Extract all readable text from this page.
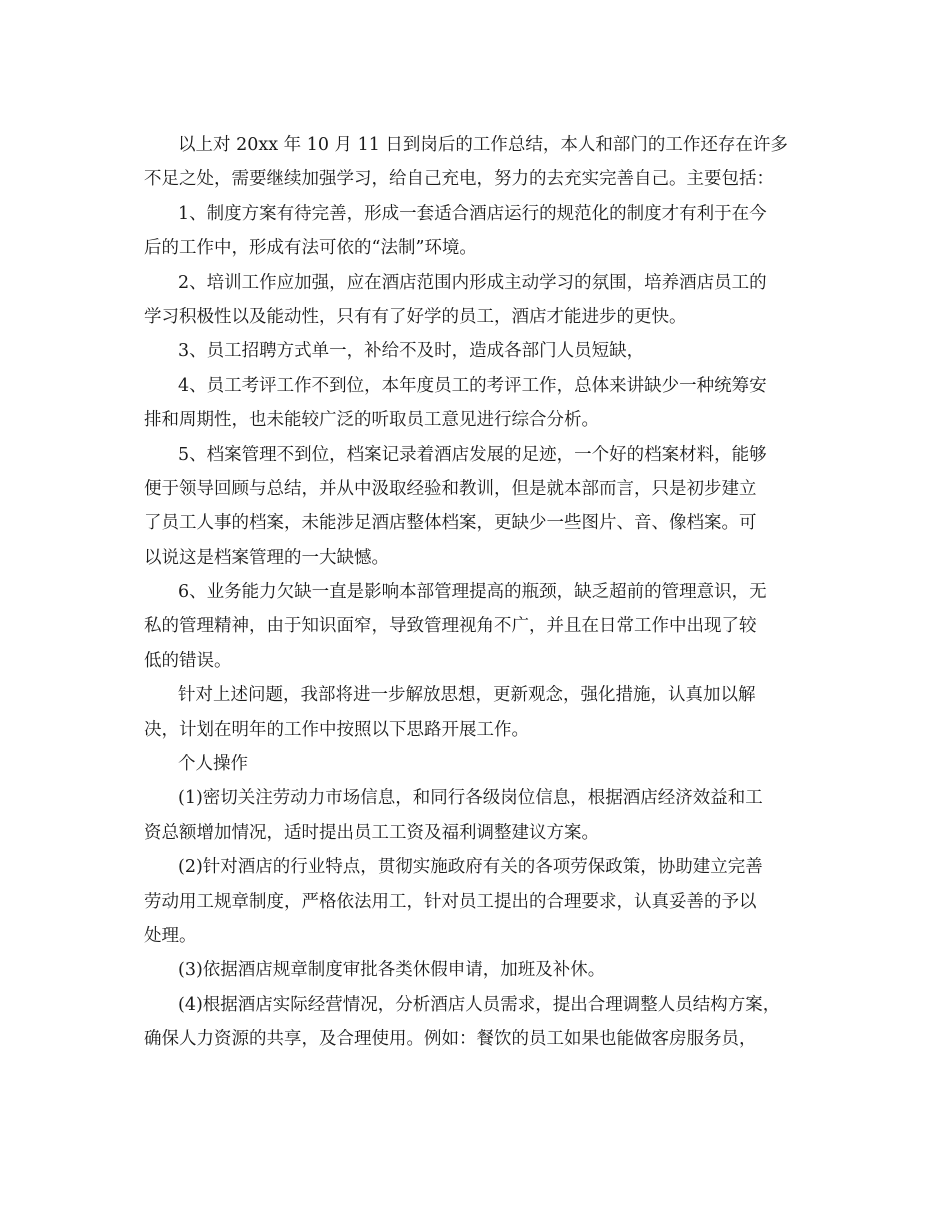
以上对 20xx 年 10 月 11 日到岗后的工作总结，本人和部门的工作还存在许多

不足之处，需要继续加强学习，给自己充电，努力的去充实完善自己。主要包括：

1、制度方案有待完善，形成一套适合酒店运行的规范化的制度才有利于在今

后的工作中，形成有法可依的“法制”环境。

2、培训工作应加强，应在酒店范围内形成主动学习的氛围，培养酒店员工的

学习积极性以及能动性，只有有了好学的员工，酒店才能进步的更快。

3、员工招聘方式单一，补给不及时，造成各部门人员短缺，

4、员工考评工作不到位，本年度员工的考评工作，总体来讲缺少一种统筹安

排和周期性，也未能较广泛的听取员工意见进行综合分析。

5、档案管理不到位，档案记录着酒店发展的足迹，一个好的档案材料，能够

便于领导回顾与总结，并从中汲取经验和教训，但是就本部而言，只是初步建立

了员工人事的档案，未能涉足酒店整体档案，更缺少一些图片、音、像档案。可

以说这是档案管理的一大缺憾。

6、业务能力欠缺一直是影响本部管理提高的瓶颈，缺乏超前的管理意识，无

私的管理精神，由于知识面窄，导致管理视角不广，并且在日常工作中出现了较

低的错误。

针对上述问题，我部将进一步解放思想，更新观念，强化措施，认真加以解

决，计划在明年的工作中按照以下思路开展工作。

个人操作

(1)密切关注劳动力市场信息，和同行各级岗位信息，根据酒店经济效益和工

资总额增加情况，适时提出员工工资及福利调整建议方案。

(2)针对酒店的行业特点，贯彻实施政府有关的各项劳保政策，协助建立完善

劳动用工规章制度，严格依法用工，针对员工提出的合理要求，认真妥善的予以

处理。

(3)依据酒店规章制度审批各类休假申请，加班及补休。

(4)根据酒店实际经营情况，分析酒店人员需求，提出合理调整人员结构方案，

确保人力资源的共享，及合理使用。例如：餐饮的员工如果也能做客房服务员，
